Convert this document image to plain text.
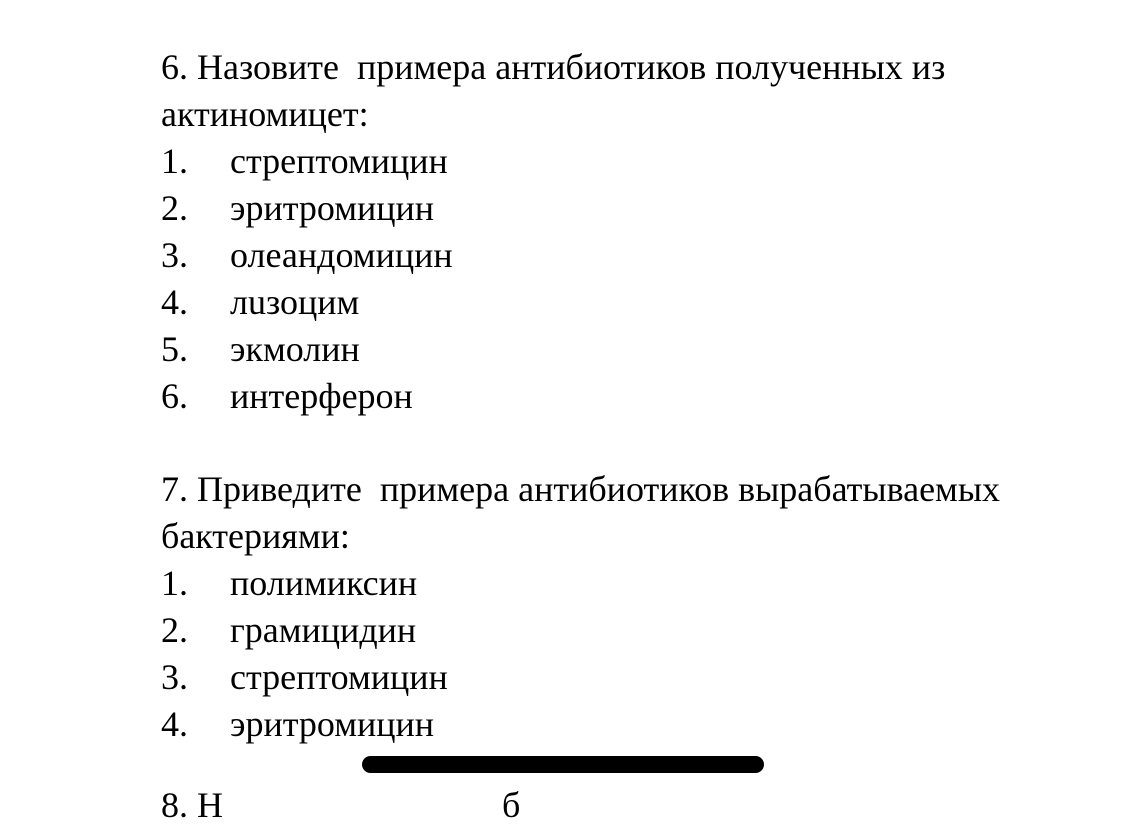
6. Назовите  примера антибиотиков полученных из актиномицет:

1.	стрептомицин
2.	эритромицин
3.	олеандомицин
4.	лuзоцим
5.	экмолин
6.	интерферон

7. Приведите  примера антибиотиков вырабатываемых бактериями:

1.	полимиксин
2.	грамицидин
3.	стрептомицин
4.	эритромицин
8. Н                               б
